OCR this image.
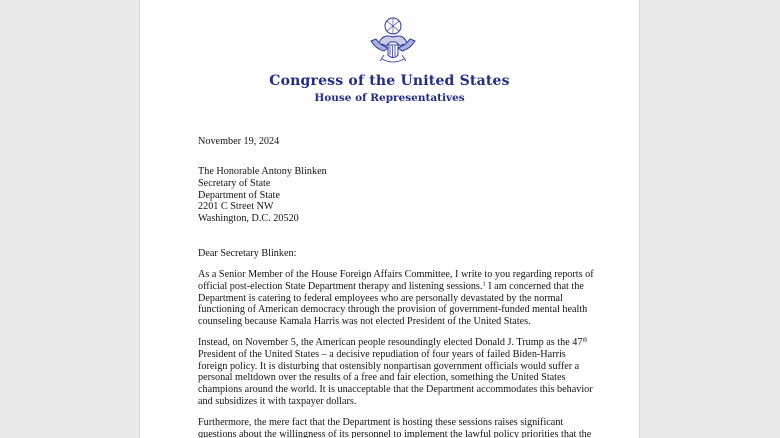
Congress of the United States
House of Representatives
November 19, 2024
The Honorable Antony Blinken
Secretary of State
Department of State
2201 C Street NW
Washington, D.C. 20520
Dear Secretary Blinken:
As a Senior Member of the House Foreign Affairs Committee, I write to you regarding reports of
official post-election State Department therapy and listening sessions.$^1$ I am concerned that the
Department is catering to federal employees who are personally devastated by the normal
functioning of American democracy through the provision of government-funded mental health
counseling because Kamala Harris was not elected President of the United States.
Instead, on November 5, the American people resoundingly elected Donald J. Trump as the 47th
President of the United States – a decisive repudiation of four years of failed Biden-Harris
foreign policy. It is disturbing that ostensibly nonpartisan government officials would suffer a
personal meltdown over the results of a free and fair election, something the United States
champions around the world. It is unacceptable that the Department accommodates this behavior
and subsidizes it with taxpayer dollars.
Furthermore, the mere fact that the Department is hosting these sessions raises significant
questions about the willingness of its personnel to implement the lawful policy priorities that the
